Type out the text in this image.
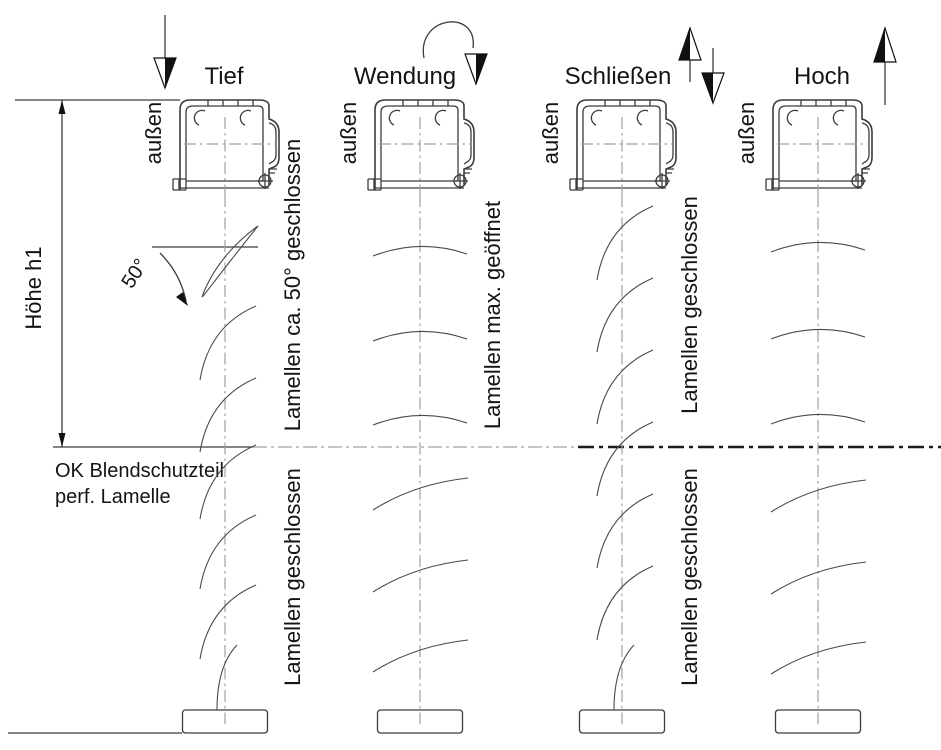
Höhe h1
OK Blendschutzteil
perf. Lamelle
50°
Tief
außen
Lamellen ca. 50° geschlossen
Lamellen geschlossen
Wendung
außen
Lamellen max. geöffnet
Schließen
außen
Lamellen geschlossen
Lamellen geschlossen
Hoch
außen
